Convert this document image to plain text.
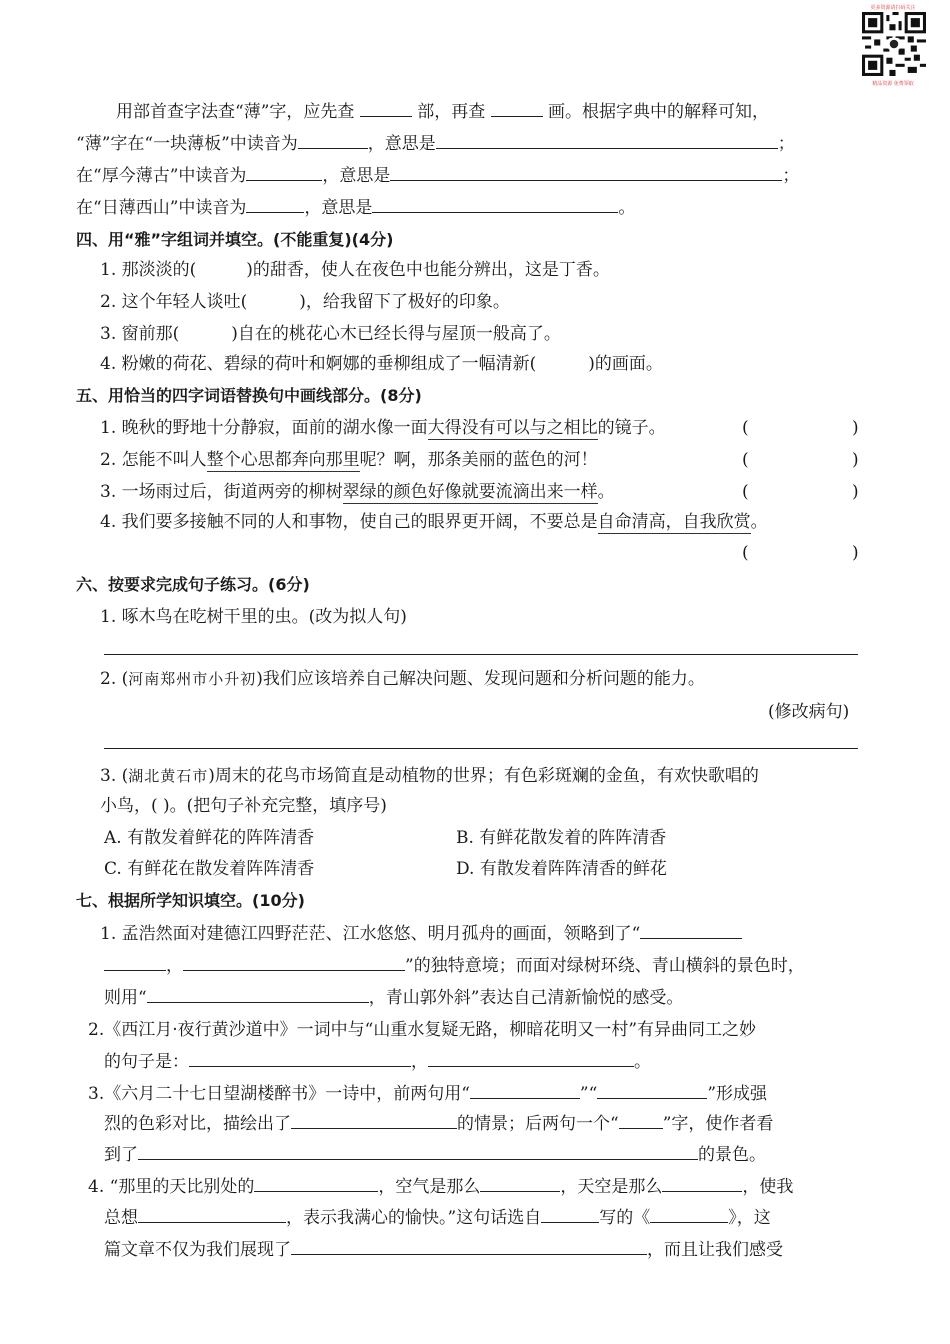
更多资源请扫码关注
精品资源 免费领取
用部首查字法查“薄”字，应先查	部，再查	画。根据字典中的解释可知，
“薄”字在“一块薄板”中读音为	，意思是	；
在“厚今薄古”中读音为	，意思是	；
在“日薄西山”中读音为	，意思是	。
四、用“雅”字组词并填空。(不能重复)(4分)
1. 那淡淡的(	)的甜香，使人在夜色中也能分辨出，这是丁香。
2. 这个年轻人谈吐(	)，给我留下了极好的印象。
3. 窗前那(	)自在的桃花心木已经长得与屋顶一般高了。
4. 粉嫩的荷花、碧绿的荷叶和婀娜的垂柳组成了一幅清新(	)的画面。
五、用恰当的四字词语替换句中画线部分。(8分)
1. 晚秋的野地十分静寂，面前的湖水像一面大得没有可以与之相比的镜子。
2. 怎能不叫人整个心思都奔向那里呢？啊，那条美丽的蓝色的河！
3. 一场雨过后，街道两旁的柳树翠绿的颜色好像就要流滴出来一样。
4. 我们要多接触不同的人和事物，使自己的眼界更开阔，不要总是自命清高，自我欣赏。
(	)
(	)
(	)
(	)
六、按要求完成句子练习。(6分)
1. 啄木鸟在吃树干里的虫。(改为拟人句)
2. (河南郑州市小升初)我们应该培养自己解决问题、发现问题和分析问题的能力。
(修改病句)
3. (湖北黄石市)周末的花鸟市场简直是动植物的世界；有色彩斑斓的金鱼，有欢快歌唱的
小鸟，( )。(把句子补充完整，填序号)
A. 有散发着鲜花的阵阵清香	B. 有鲜花散发着的阵阵清香
C. 有鲜花在散发着阵阵清香	D. 有散发着阵阵清香的鲜花
七、根据所学知识填空。(10分)
1. 孟浩然面对建德江四野茫茫、江水悠悠、明月孤舟的画面，领略到了“
，	”的独特意境；而面对绿树环绕、青山横斜的景色时，
则用“	，青山郭外斜”表达自己清新愉悦的感受。
2.《西江月·夜行黄沙道中》一词中与“山重水复疑无路，柳暗花明又一村”有异曲同工之妙
的句子是：	，	。
3.《六月二十七日望湖楼醉书》一诗中，前两句用“	”“	”形成强
烈的色彩对比，描绘出了	的情景；后两句一个“	”字，使作者看
到了	的景色。
4. “那里的天比别处的	，空气是那么	，天空是那么	，使我
总想	，表示我满心的愉快。”这句话选自	写的《	》，这
篇文章不仅为我们展现了	，而且让我们感受
